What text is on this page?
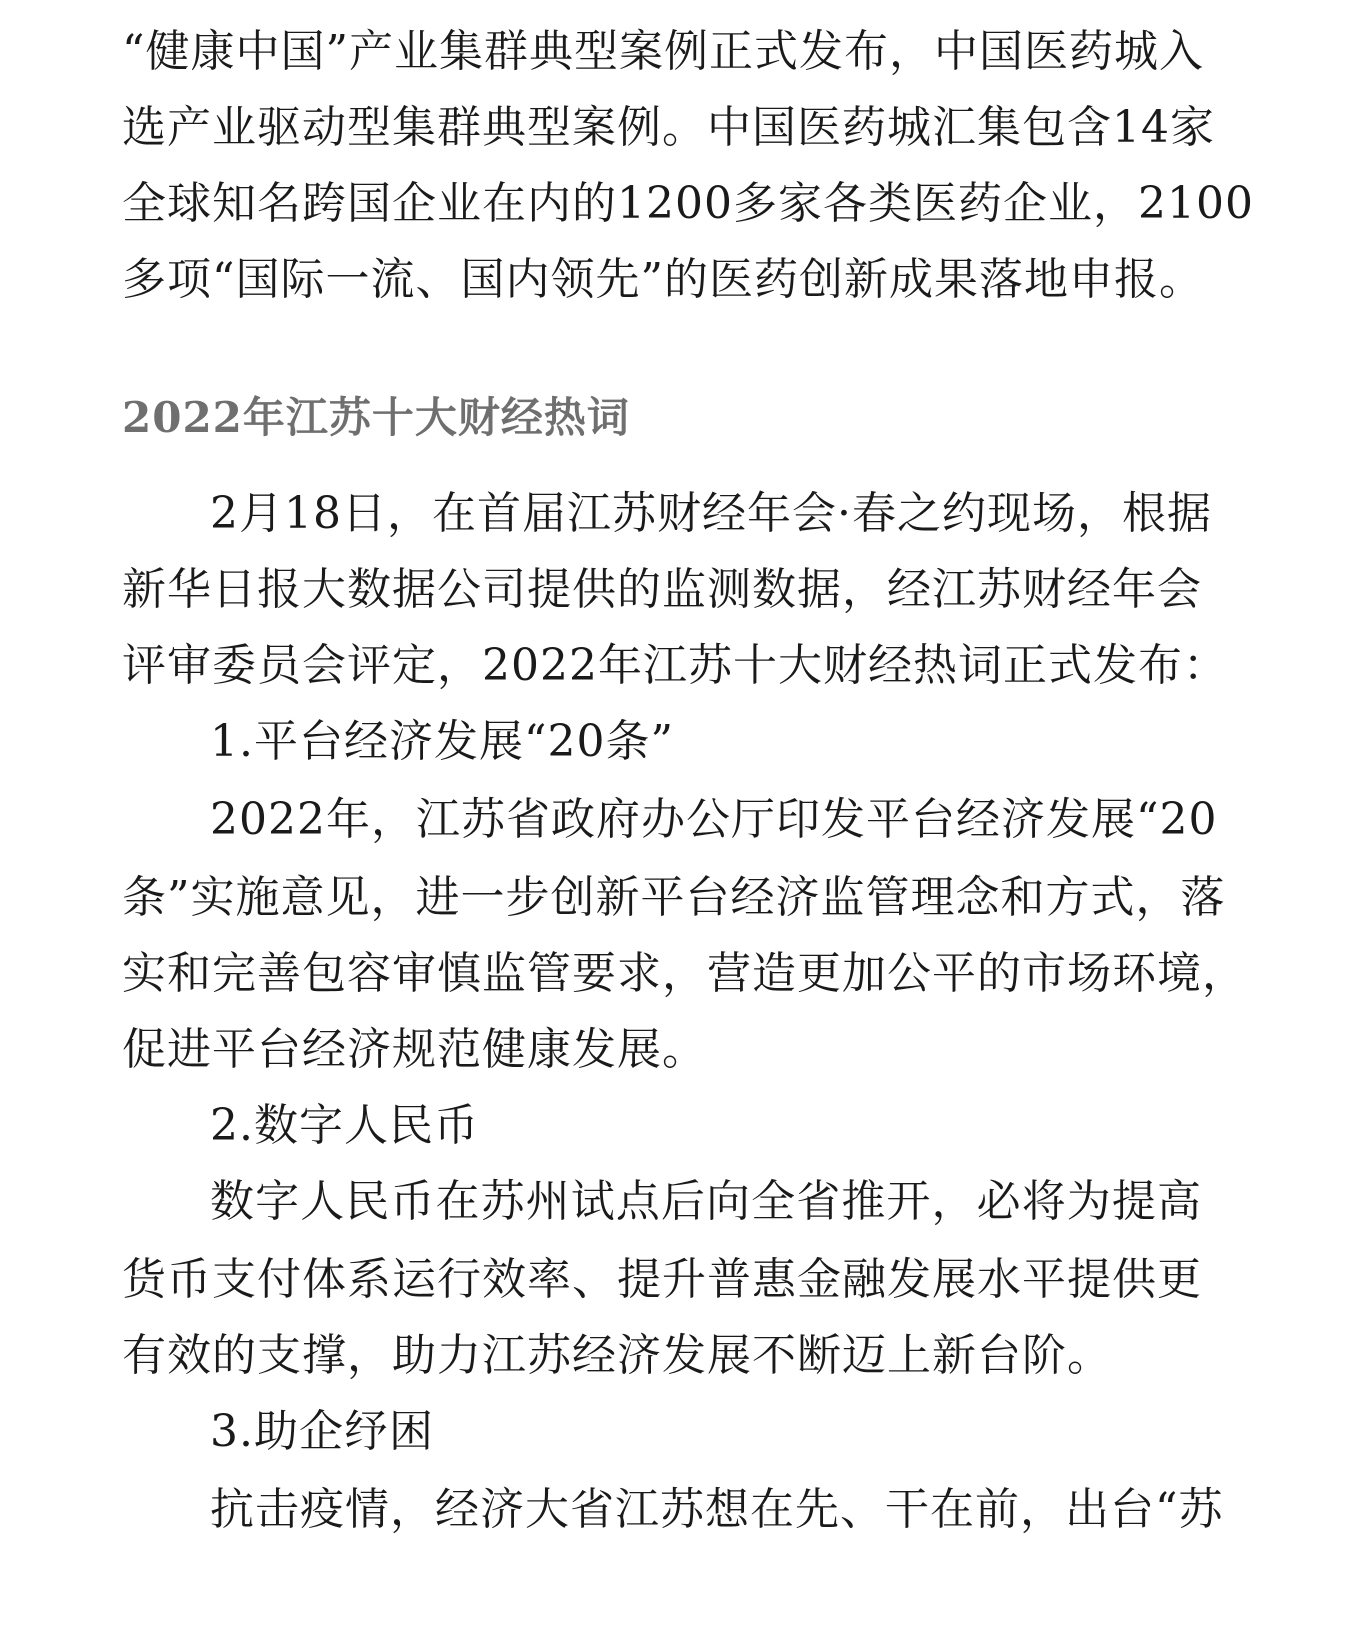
“健康中国”产业集群典型案例正式发布，中国医药城入
选产业驱动型集群典型案例。中国医药城汇集包含14家
全球知名跨国企业在内的1200多家各类医药企业，2100
多项“国际一流、国内领先”的医药创新成果落地申报。
2022年江苏十大财经热词
2月18日，在首届江苏财经年会·春之约现场，根据
新华日报大数据公司提供的监测数据，经江苏财经年会
评审委员会评定，2022年江苏十大财经热词正式发布：
1.平台经济发展“20条”
2022年，江苏省政府办公厅印发平台经济发展“20
条”实施意见，进一步创新平台经济监管理念和方式，落
实和完善包容审慎监管要求，营造更加公平的市场环境，
促进平台经济规范健康发展。
2.数字人民币
数字人民币在苏州试点后向全省推开，必将为提高
货币支付体系运行效率、提升普惠金融发展水平提供更
有效的支撑，助力江苏经济发展不断迈上新台阶。
3.助企纾困
抗击疫情，经济大省江苏想在先、干在前，出台“苏
